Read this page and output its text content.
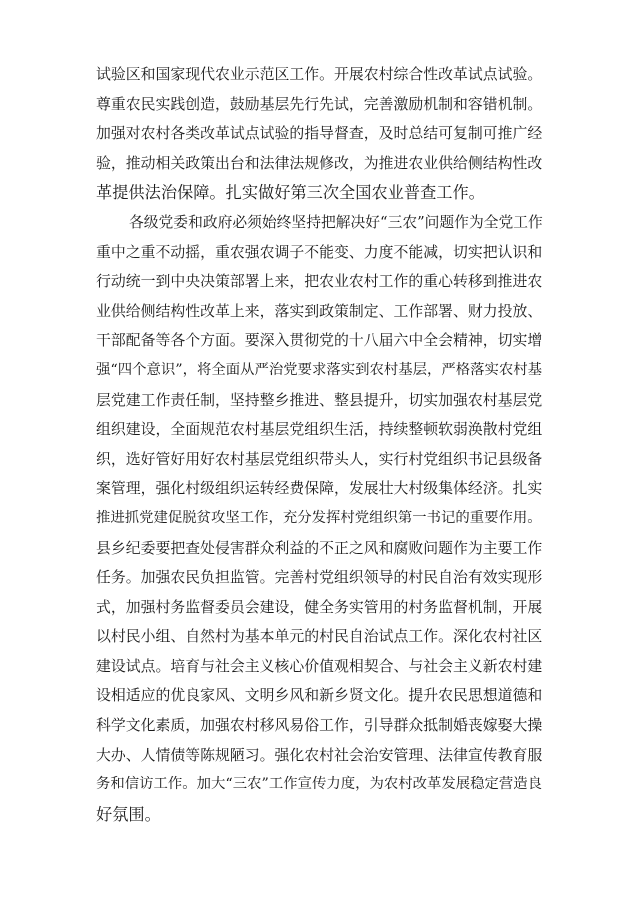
试验区和国家现代农业示范区工作。开展农村综合性改革试点试验。
尊重农民实践创造，鼓励基层先行先试，完善激励机制和容错机制。
加强对农村各类改革试点试验的指导督查，及时总结可复制可推广经
验，推动相关政策出台和法律法规修改，为推进农业供给侧结构性改
革提供法治保障。扎实做好第三次全国农业普查工作。
各级党委和政府必须始终坚持把解决好“三农”问题作为全党工作
重中之重不动摇，重农强农调子不能变、力度不能减，切实把认识和
行动统一到中央决策部署上来，把农业农村工作的重心转移到推进农
业供给侧结构性改革上来，落实到政策制定、工作部署、财力投放、
干部配备等各个方面。要深入贯彻党的十八届六中全会精神，切实增
强“四个意识”，将全面从严治党要求落实到农村基层，严格落实农村基
层党建工作责任制，坚持整乡推进、整县提升，切实加强农村基层党
组织建设，全面规范农村基层党组织生活，持续整顿软弱涣散村党组
织，选好管好用好农村基层党组织带头人，实行村党组织书记县级备
案管理，强化村级组织运转经费保障，发展壮大村级集体经济。扎实
推进抓党建促脱贫攻坚工作，充分发挥村党组织第一书记的重要作用。
县乡纪委要把查处侵害群众利益的不正之风和腐败问题作为主要工作
任务。加强农民负担监管。完善村党组织领导的村民自治有效实现形
式，加强村务监督委员会建设，健全务实管用的村务监督机制，开展
以村民小组、自然村为基本单元的村民自治试点工作。深化农村社区
建设试点。培育与社会主义核心价值观相契合、与社会主义新农村建
设相适应的优良家风、文明乡风和新乡贤文化。提升农民思想道德和
科学文化素质，加强农村移风易俗工作，引导群众抵制婚丧嫁娶大操
大办、人情债等陈规陋习。强化农村社会治安管理、法律宣传教育服
务和信访工作。加大“三农”工作宣传力度，为农村改革发展稳定营造良
好氛围。
